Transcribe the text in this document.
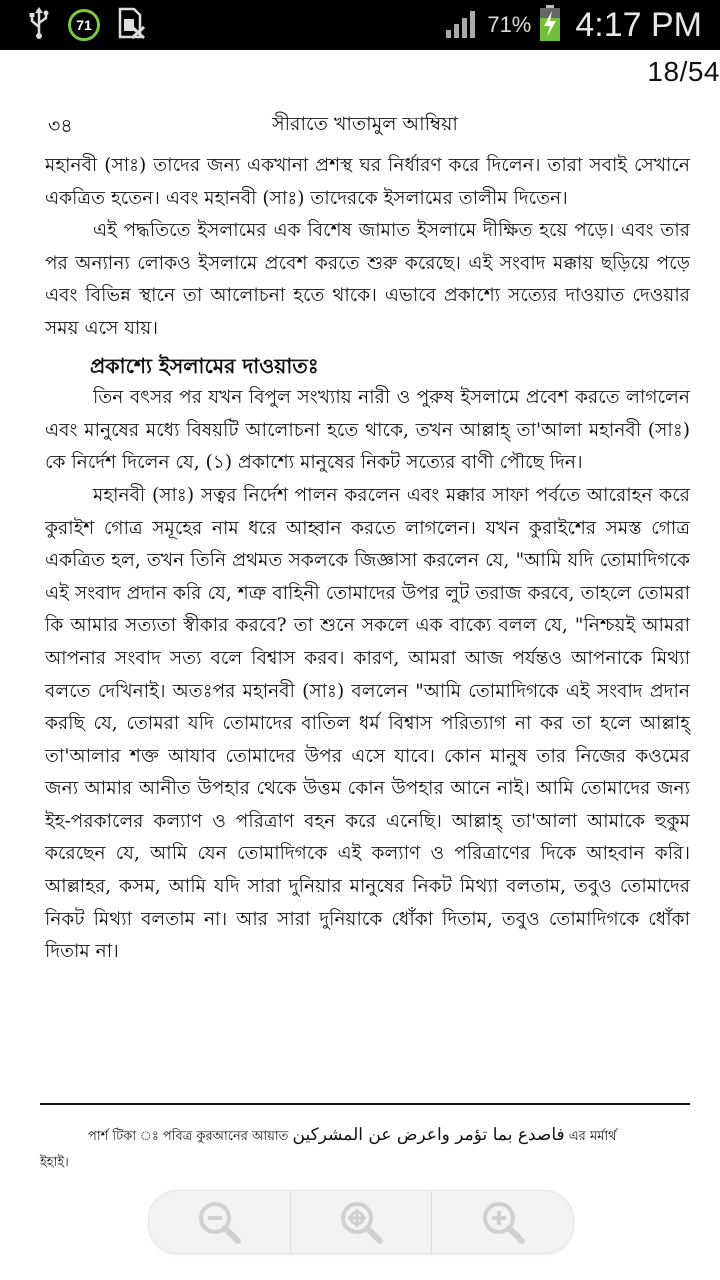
71	71% 4:17 PM
18/54
৩৪	সীরাতে খাতামুল আম্বিয়া

মহানবী (সাঃ) তাদের জন্য একখানা প্রশস্থ ঘর নির্ধারণ করে দিলেন। তারা সবাই সেখানে একত্রিত হতেন। এবং মহানবী (সাঃ) তাদেরকে ইসলামের তালীম দিতেন।

এই পদ্ধতিতে ইসলামের এক বিশেষ জামাত ইসলামে দীক্ষিত হয়ে পড়ে। এবং তার পর অন্যান্য লোকও ইসলামে প্রবেশ করতে শুরু করেছে। এই সংবাদ মক্কায় ছড়িয়ে পড়ে এবং বিভিন্ন স্থানে তা আলোচনা হতে থাকে। এভাবে প্রকাশ্যে সত্যের দাওয়াত দেওয়ার সময় এসে যায়।

প্রকাশ্যে ইসলামের দাওয়াতঃ

তিন বৎসর পর যখন বিপুল সংখ্যায় নারী ও পুরুষ ইসলামে প্রবেশ করতে লাগলেন এবং মানুষের মধ্যে বিষয়টি আলোচনা হতে থাকে, তখন আল্লাহ্ তা'আলা মহানবী (সাঃ) কে নির্দেশ দিলেন যে, (১) প্রকাশ্যে মানুষের নিকট সত্যের বাণী পৌছে দিন।

মহানবী (সাঃ) সত্বর নির্দেশ পালন করলেন এবং মক্কার সাফা পর্বতে আরোহন করে কুরাইশ গোত্র সমূহের নাম ধরে আহ্বান করতে লাগলেন। যখন কুরাইশের সমস্ত গোত্র একত্রিত হল, তখন তিনি প্রথমত সকলকে জিজ্ঞাসা করলেন যে, "আমি যদি তোমাদিগকে এই সংবাদ প্রদান করি যে, শত্রু বাহিনী তোমাদের উপর লুট তরাজ করবে, তাহলে তোমরা কি আমার সত্যতা স্বীকার করবে? তা শুনে সকলে এক বাক্যে বলল যে, "নিশ্চয়ই আমরা আপনার সংবাদ সত্য বলে বিশ্বাস করব। কারণ, আমরা আজ পর্যন্তও আপনাকে মিথ্যা বলতে দেখিনাই। অতঃপর মহানবী (সাঃ) বললেন "আমি তোমাদিগকে এই সংবাদ প্রদান করছি যে, তোমরা যদি তোমাদের বাতিল ধর্ম বিশ্বাস পরিত্যাগ না কর তা হলে আল্লাহ্ তা'আলার শক্ত আযাব তোমাদের উপর এসে যাবে। কোন মানুষ তার নিজের কওমের জন্য আমার আনীত উপহার থেকে উত্তম কোন উপহার আনে নাই। আমি তোমাদের জন্য ইহ-পরকালের কল্যাণ ও পরিত্রাণ বহন করে এনেছি। আল্লাহ্ তা'আলা আমাকে হুকুম করেছেন যে, আমি যেন তোমাদিগকে এই কল্যাণ ও পরিত্রাণের দিকে আহবান করি। আল্লাহর, কসম, আমি যদি সারা দুনিয়ার মানুষের নিকট মিথ্যা বলতাম, তবুও তোমাদের নিকট মিথ্যা বলতাম না। আর সারা দুনিয়াকে ধোঁকা দিতাম, তবুও তোমাদিগকে ধোঁকা দিতাম না।

পার্শ টিকা ঃ পবিত্র কুরআনের আয়াত فاصدع بما تؤمر واعرض عن المشركين এর মর্মার্থ
ইহাই।
